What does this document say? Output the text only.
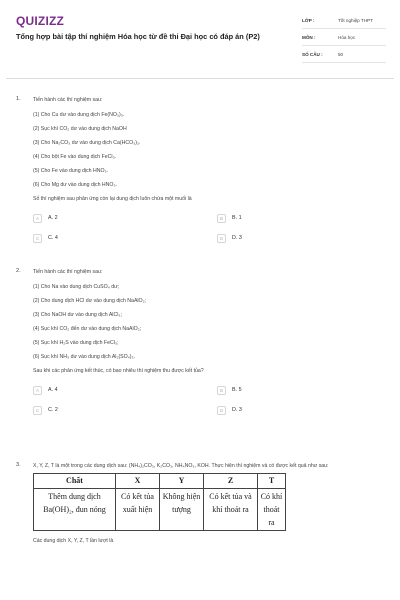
QUIZIZZ
Tổng hợp bài tập thí nghiệm Hóa học từ đề thi Đại học có đáp án (P2)
LỚP :	Tốt nghiệp THPT
MÔN :	Hóa học
SỐ CÂU :	50
1. Tiến hành các thí nghiệm sau:
(1) Cho Cu dư vào dung dịch Fe(NO₃)₃.
(2) Sục khí CO₂ dư vào dung dịch NaOH
(3) Cho Na₂CO₃ dư vào dung dịch Ca(HCO₃)₂.
(4) Cho bột Fe vào dung dịch FeCl₃.
(5) Cho Fe vào dung dịch HNO₃.
(6) Cho Mg dư vào dung dịch HNO₃.
Số thí nghiệm sau phản ứng còn lại dung dịch luôn chứa một muối là
A	A. 2	B	B. 1
C	C. 4	D	D. 3
2. Tiến hành các thí nghiệm sau:
(1) Cho Na vào dung dịch CuSO₄ dư;
(2) Cho dung dịch HCl dư vào dung dịch NaAlO₂;
(3) Cho NaOH dư vào dung dịch AlCl₃;
(4) Sục khí CO₂ đến dư vào dung dịch NaAlO₂;
(5) Sục khí H₂S vào dung dịch FeCl₃;
(6) Sục khí NH₃ dư vào dung dịch Al₂(SO₄)₃.
Sau khi các phản ứng kết thúc, có bao nhiêu thí nghiệm thu được kết tủa?
A	A. 4	B	B. 5
C	C. 2	D	D. 3
3. X, Y, Z, T là một trong các dung dịch sau: (NH₄)₂CO₃, K₂CO₃, NH₄NO₃, KOH. Thực hiện thí nghiệm và có được kết quả như sau:
Chất	X	Y	Z	T
Thêm dung dịch Ba(OH)₂, đun nóng	Có kết tủa xuất hiện	Không hiện tượng	Có kết tủa và khí thoát ra	Có khí thoát ra
Các dung dịch X, Y, Z, T lần lượt là
